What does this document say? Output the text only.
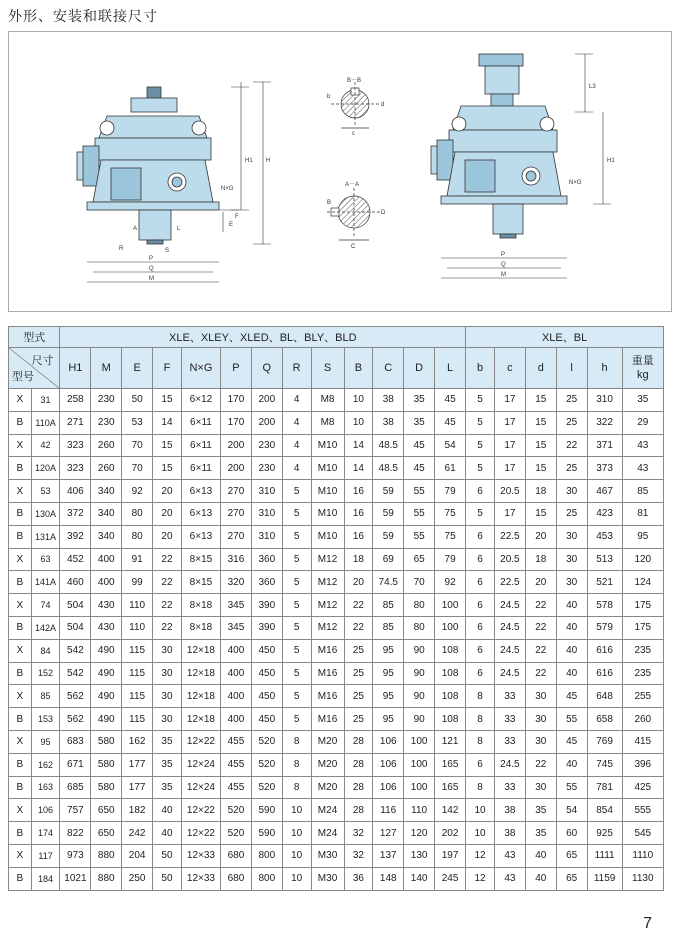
外形、安装和联接尺寸
H1 H
N×G
P
Q
M
A	L
E
F
S
R
B－B
A－A
c
C
d
D
b
B
L3
H1
N×G
P
Q
M
型式		XLE、XLEY、XLED、BL、BLY、BLD													XLE、BL					

尺寸
型号		H1	M	E	F	N×G	P	Q	R	S	B	C	D	L	b	c	d	l	h	重量
kg
X	31	258	230	50	15	6×12	170	200	4	M8	10	38	35	45	5	17	15	25	310	35
B	110A	271	230	53	14	6×11	170	200	4	M8	10	38	35	45	5	17	15	25	322	29
X	42	323	260	70	15	6×11	200	230	4	M10	14	48.5	45	54	5	17	15	22	371	43
B	120A	323	260	70	15	6×11	200	230	4	M10	14	48.5	45	61	5	17	15	25	373	43
X	53	406	340	92	20	6×13	270	310	5	M10	16	59	55	79	6	20.5	18	30	467	85
B	130A	372	340	80	20	6×13	270	310	5	M10	16	59	55	75	5	17	15	25	423	81
B	131A	392	340	80	20	6×13	270	310	5	M10	16	59	55	75	6	22.5	20	30	453	95
X	63	452	400	91	22	8×15	316	360	5	M12	18	69	65	79	6	20.5	18	30	513	120
B	141A	460	400	99	22	8×15	320	360	5	M12	20	74.5	70	92	6	22.5	20	30	521	124
X	74	504	430	110	22	8×18	345	390	5	M12	22	85	80	100	6	24.5	22	40	578	175
B	142A	504	430	110	22	8×18	345	390	5	M12	22	85	80	100	6	24.5	22	40	579	175
X	84	542	490	115	30	12×18	400	450	5	M16	25	95	90	108	6	24.5	22	40	616	235
B	152	542	490	115	30	12×18	400	450	5	M16	25	95	90	108	6	24.5	22	40	616	235
X	85	562	490	115	30	12×18	400	450	5	M16	25	95	90	108	8	33	30	45	648	255
B	153	562	490	115	30	12×18	400	450	5	M16	25	95	90	108	8	33	30	55	658	260
X	95	683	580	162	35	12×22	455	520	8	M20	28	106	100	121	8	33	30	45	769	415
B	162	671	580	177	35	12×24	455	520	8	M20	28	106	100	165	6	24.5	22	40	745	396
B	163	685	580	177	35	12×24	455	520	8	M20	28	106	100	165	8	33	30	55	781	425
X	106	757	650	182	40	12×22	520	590	10	M24	28	116	110	142	10	38	35	54	854	555
B	174	822	650	242	40	12×22	520	590	10	M24	32	127	120	202	10	38	35	60	925	545
X	117	973	880	204	50	12×33	680	800	10	M30	32	137	130	197	12	43	40	65	1111	1110
B	184	1021	880	250	50	12×33	680	800	10	M30	36	148	140	245	12	43	40	65	1159	1130
7
